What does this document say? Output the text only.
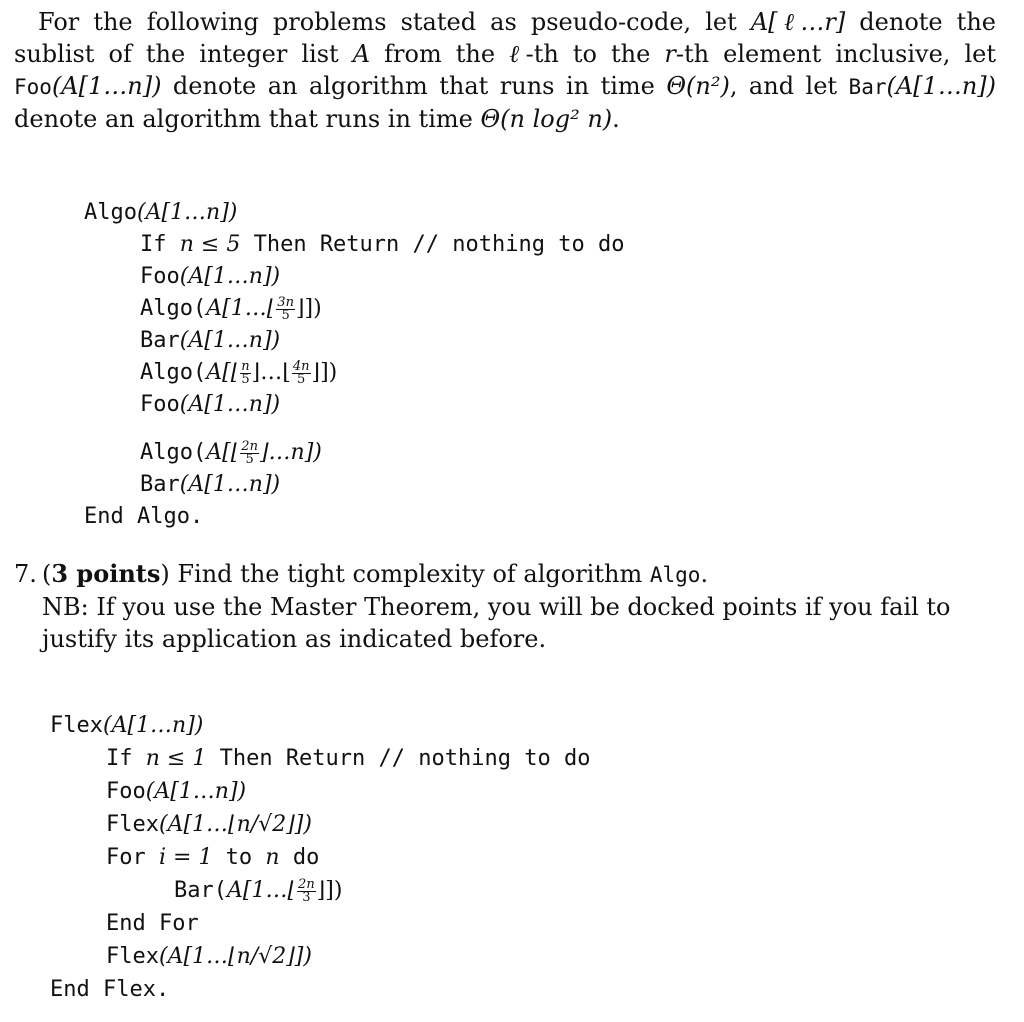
For the following problems stated as pseudo-code, let A[ℓ…r] denote the sublist of the integer list A from the ℓ-th to the r-th element inclusive, let Foo(A[1…n]) denote an algorithm that runs in time Θ(n²), and let Bar(A[1…n]) denote an algorithm that runs in time Θ(n log² n).

Algo(A[1…n])
If n ≤ 5 Then Return // nothing to do
Foo(A[1…n])
Algo(A[1…⌊ $\frac{3n}{5}$ ⌋])
Bar(A[1…n])
Algo(A[⌊ $\frac{n}{5}$ ⌋…⌊ $\frac{4n}{5}$ ⌋])
Foo(A[1…n])
Algo(A[⌊ $\frac{2n}{5}$ ⌋…n])
Bar(A[1…n])
End Algo.
7. (3 points) Find the tight complexity of algorithm Algo.
NB: If you use the Master Theorem, you will be docked points if you fail to justify its application as indicated before.
Flex(A[1…n])
If n ≤ 1 Then Return // nothing to do
Foo(A[1…n])
Flex(A[1…⌊n/√2⌋])
For i = 1 to n do
Bar(A[1…⌊ $\frac{2n}{3}$ ⌋])
End For
Flex(A[1…⌊n/√2⌋])
End Flex.
